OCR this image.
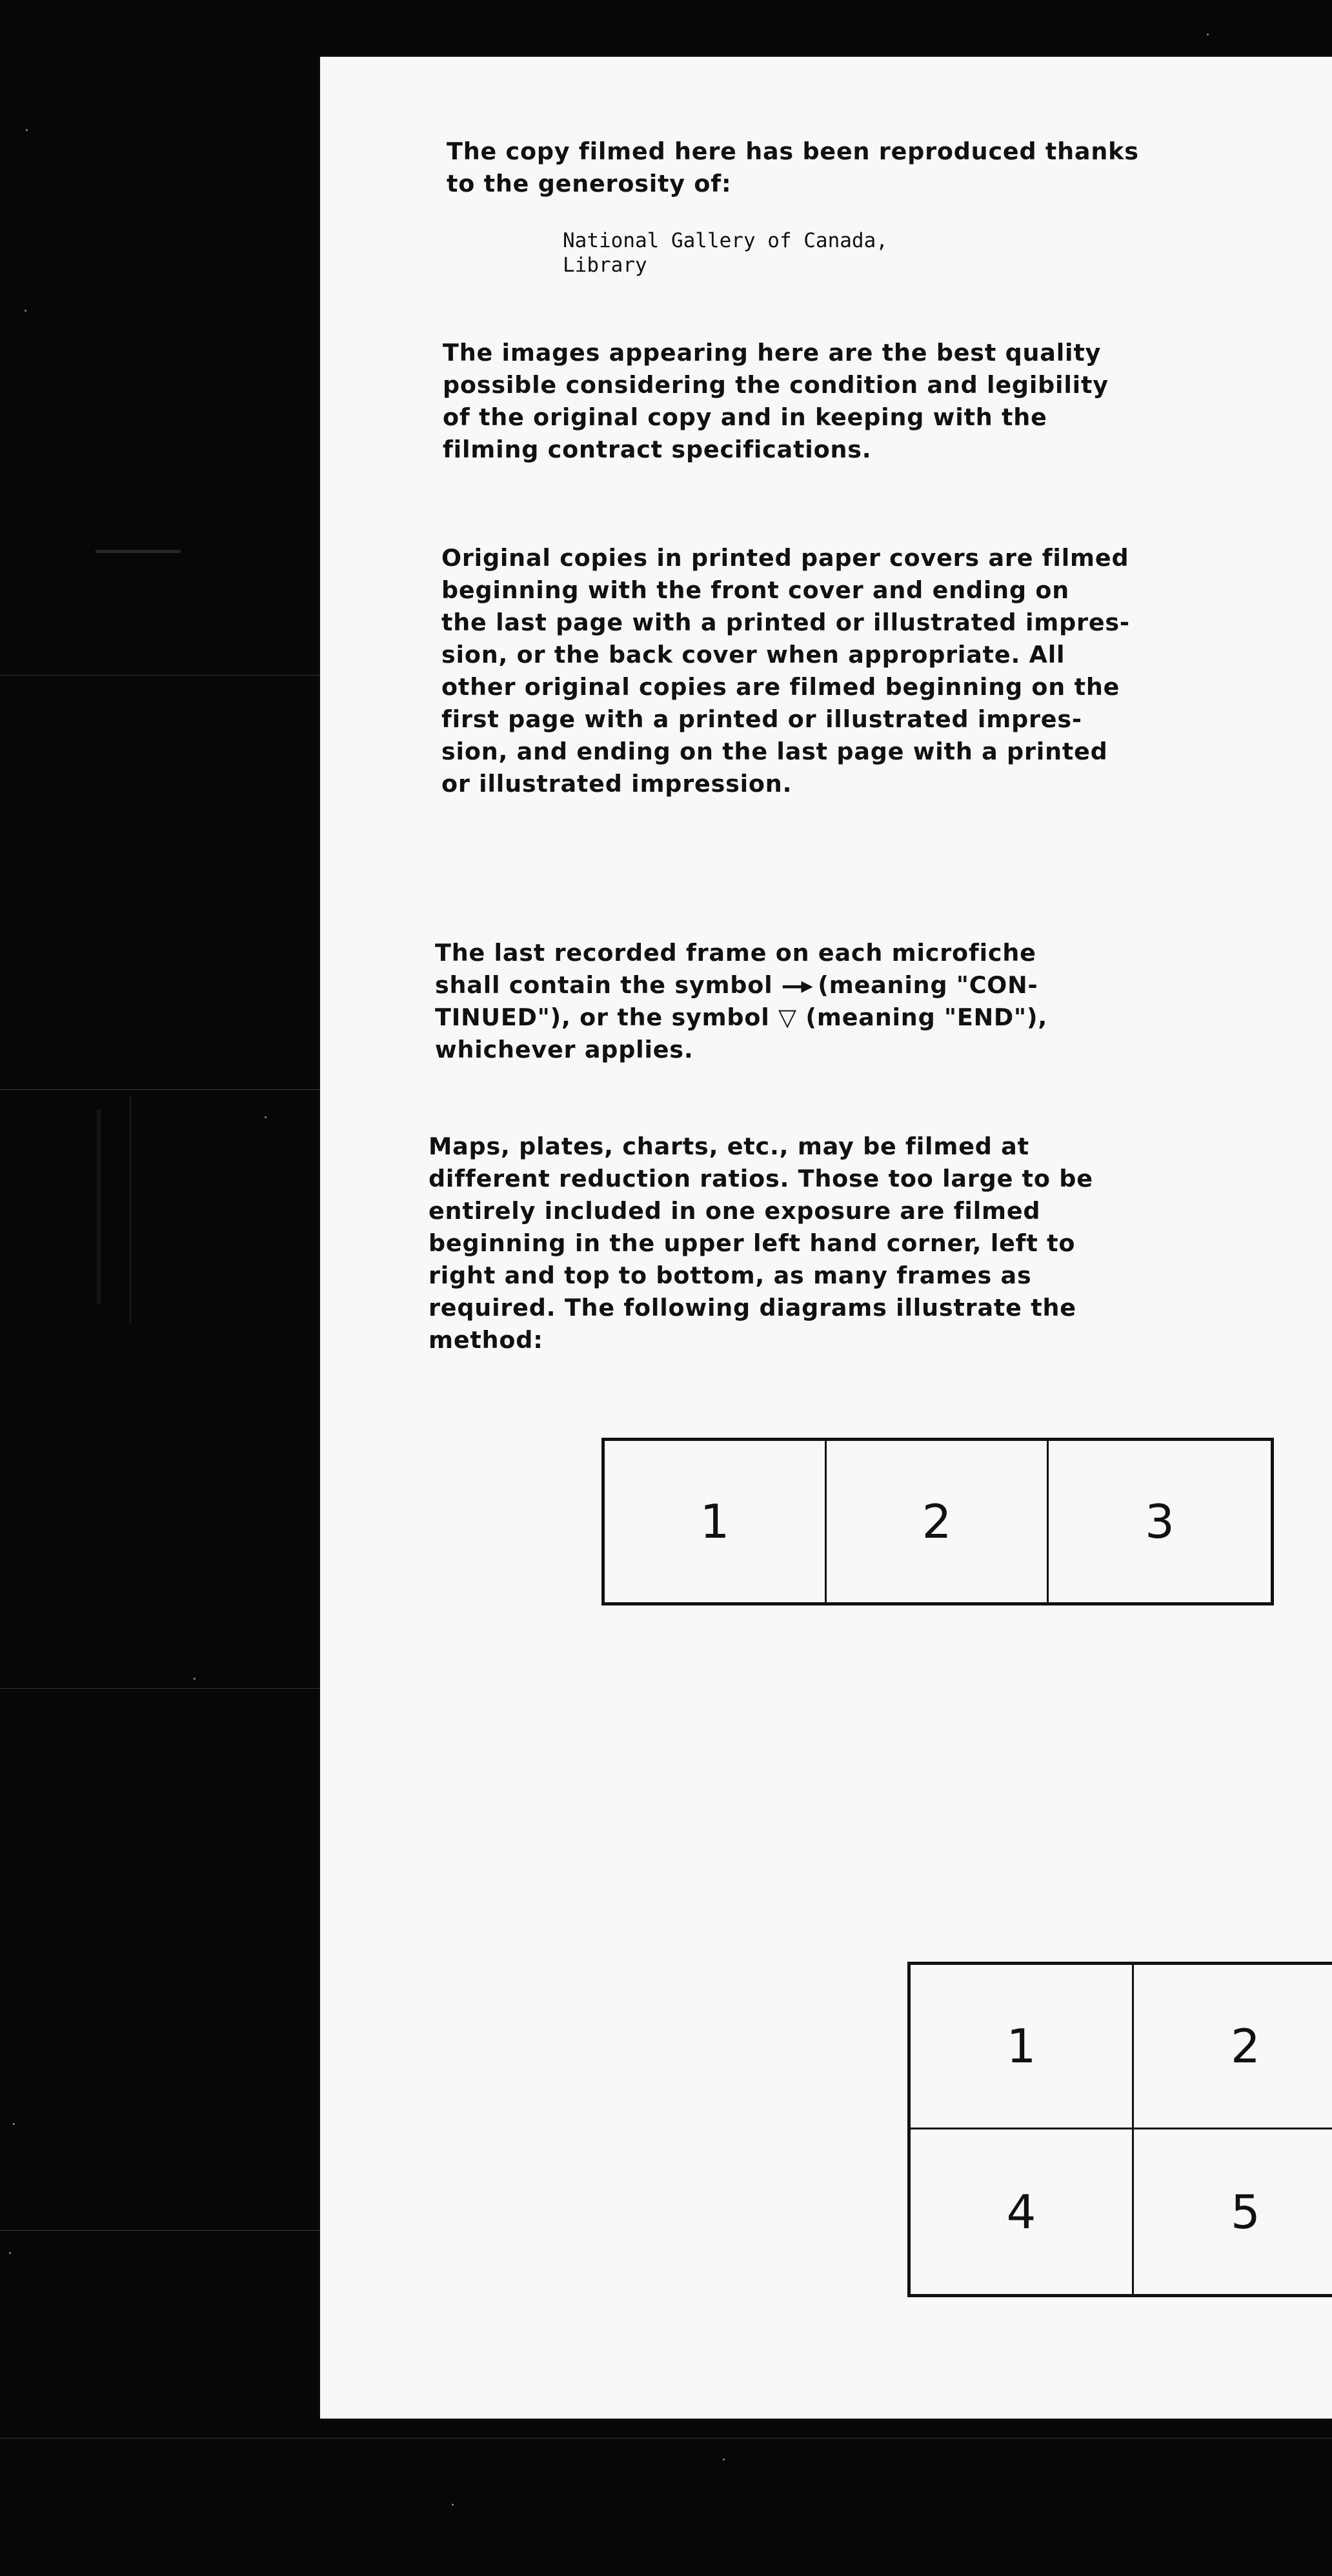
The copy filmed here has been reproduced thanks
to the generosity of:

National Gallery of Canada,
Library

The images appearing here are the best quality
possible considering the condition and legibility
of the original copy and in keeping with the
filming contract specifications.

Original copies in printed paper covers are filmed
beginning with the front cover and ending on
the last page with a printed or illustrated impres-
sion, or the back cover when appropriate. All
other original copies are filmed beginning on the
first page with a printed or illustrated impres-
sion, and ending on the last page with a printed
or illustrated impression.

The last recorded frame on each microfiche
shall contain the symbol —▸ (meaning "CON-
TINUED"), or the symbol ▽ (meaning "END"),
whichever applies.

Maps, plates, charts, etc., may be filmed at
different reduction ratios. Those too large to be
entirely included in one exposure are filmed
beginning in the upper left hand corner, left to
right and top to bottom, as many frames as
required. The following diagrams illustrate the
method:

1	2	3
1	2
4	5
